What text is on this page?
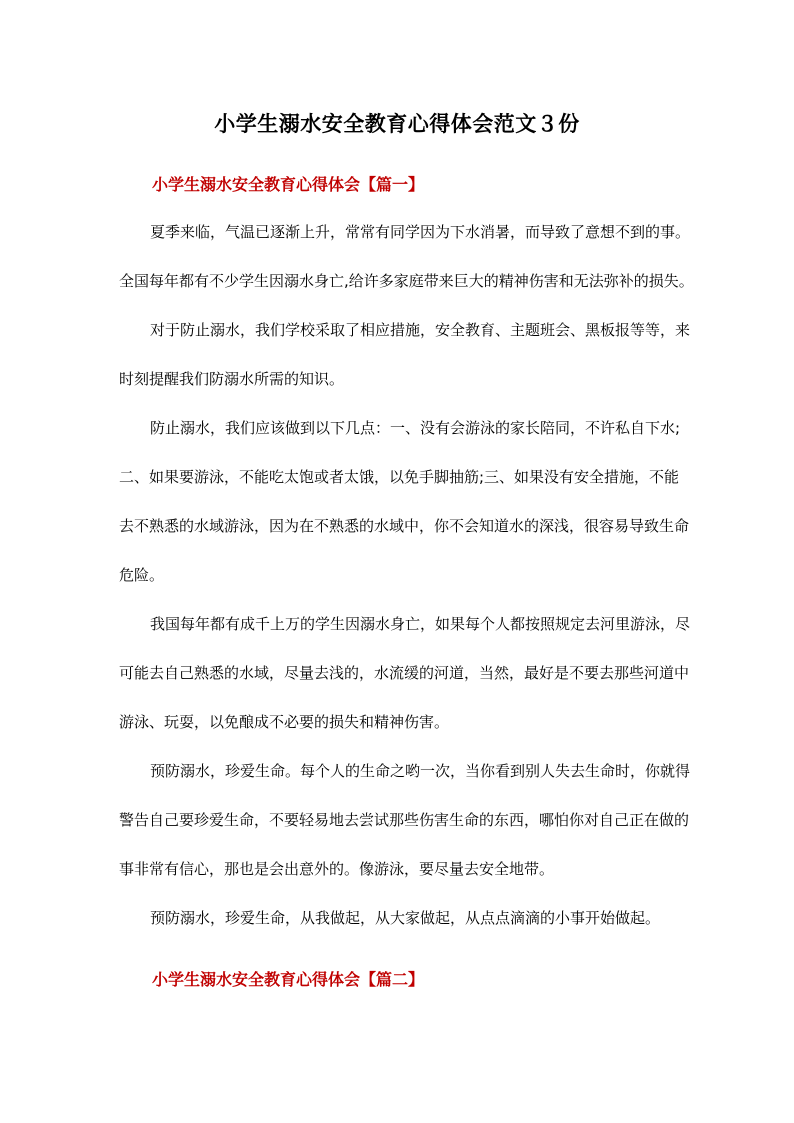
小学生溺水安全教育心得体会范文３份
小学生溺水安全教育心得体会【篇一】
夏季来临，气温已逐渐上升，常常有同学因为下水消暑，而导致了意想不到的事。
全国每年都有不少学生因溺水身亡,给许多家庭带来巨大的精神伤害和无法弥补的损失。
对于防止溺水，我们学校采取了相应措施，安全教育、主题班会、黑板报等等，来
时刻提醒我们防溺水所需的知识。
防止溺水，我们应该做到以下几点：一、没有会游泳的家长陪同，不许私自下水;
二、如果要游泳，不能吃太饱或者太饿，以免手脚抽筋;三、如果没有安全措施，不能
去不熟悉的水域游泳，因为在不熟悉的水域中，你不会知道水的深浅，很容易导致生命
危险。
我国每年都有成千上万的学生因溺水身亡，如果每个人都按照规定去河里游泳，尽
可能去自己熟悉的水域，尽量去浅的，水流缓的河道，当然，最好是不要去那些河道中
游泳、玩耍，以免酿成不必要的损失和精神伤害。
预防溺水，珍爱生命。每个人的生命之哟一次，当你看到别人失去生命时，你就得
警告自己要珍爱生命，不要轻易地去尝试那些伤害生命的东西，哪怕你对自己正在做的
事非常有信心，那也是会出意外的。像游泳，要尽量去安全地带。
预防溺水，珍爱生命，从我做起，从大家做起，从点点滴滴的小事开始做起。
小学生溺水安全教育心得体会【篇二】
